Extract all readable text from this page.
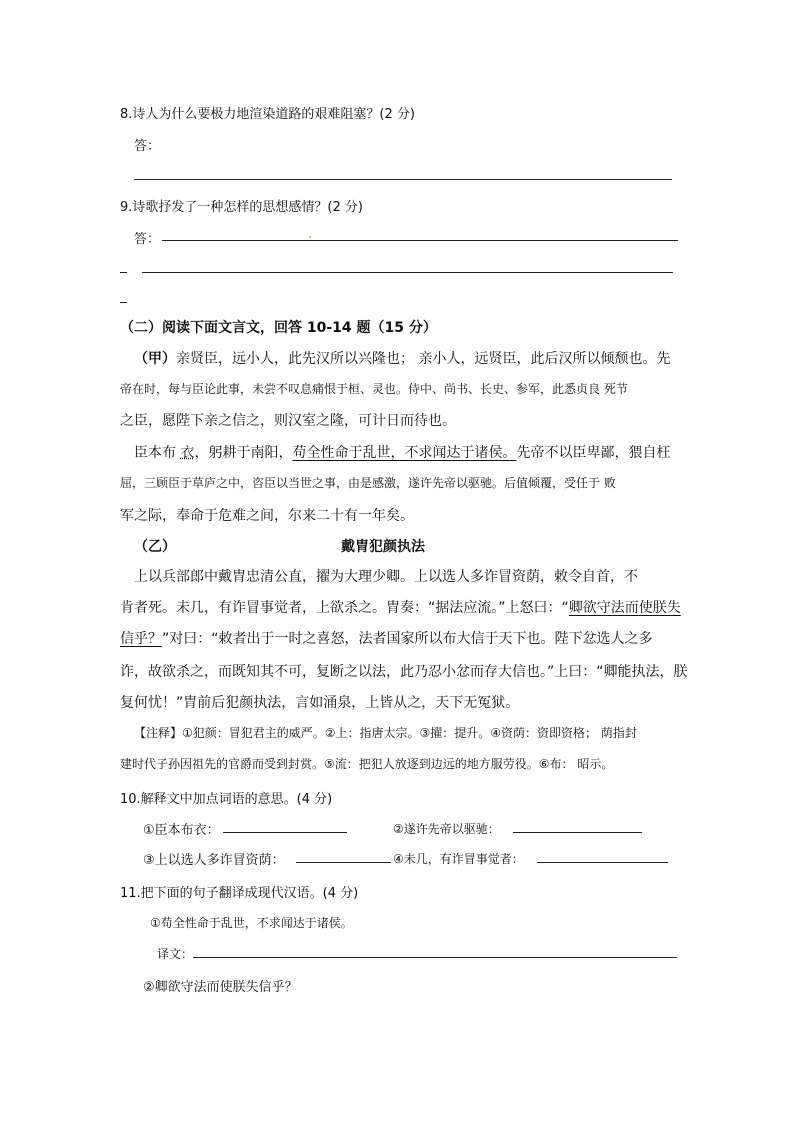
8.诗人为什么要极力地渲染道路的艰难阻塞？(2 分)
答：
9.诗歌抒发了一种怎样的思想感情？(2 分)
答：
（二）阅读下面文言文，回答 10-14 题（15 分）
（甲）亲贤臣，远小人，此先汉所以兴隆也； 亲小人，远贤臣，此后汉所以倾颓也。先
帝在时，每与臣论此事，未尝不叹息痛恨于桓、灵也。侍中、尚书、长史、参军，此悉贞良 死节
之臣，愿陛下亲之信之，则汉室之隆，可计日而待也。
臣本布 衣，躬耕于南阳，苟全性命于乱世，不求闻达于诸侯。先帝不以臣卑鄙，猥自枉
屈，三顾臣于草庐之中，咨臣以当世之事，由是感激，遂许先帝以驱驰。后值倾覆，受任于 败
军之际，奉命于危难之间，尔来二十有一年矣。
（乙）	戴胄犯颜执法
上以兵部郎中戴胄忠清公直，擢为大理少卿。上以选人多诈冒资荫，敕令自首，不
肯者死。未几，有诈冒事觉者，上欲杀之。胄奏：“据法应流。”上怒曰：“卿欲守法而使朕失
信乎？”对曰：“敕者出于一时之喜怒，法者国家所以布大信于天下也。陛下忿选人之多
诈，故欲杀之，而既知其不可，复断之以法，此乃忍小忿而存大信也。”上曰：“卿能执法，朕
复何忧！”胄前后犯颜执法，言如涌泉，上皆从之，天下无冤狱。
【注释】①犯颜：冒犯君主的威严。②上：指唐太宗。③擢：提升。④资荫：资即资格； 荫指封
建时代子孙因祖先的官爵而受到封赏。⑤流：把犯人放逐到边远的地方服劳役。⑥布： 昭示。
10.解释文中加点词语的意思。(4 分)
①臣本布衣：	②遂许先帝以驱驰：
③上以选人多诈冒资荫：	④未几，有诈冒事觉者：
11.把下面的句子翻译成现代汉语。(4 分)
①苟全性命于乱世，不求闻达于诸侯。
译文：
②卿欲守法而使朕失信乎？
